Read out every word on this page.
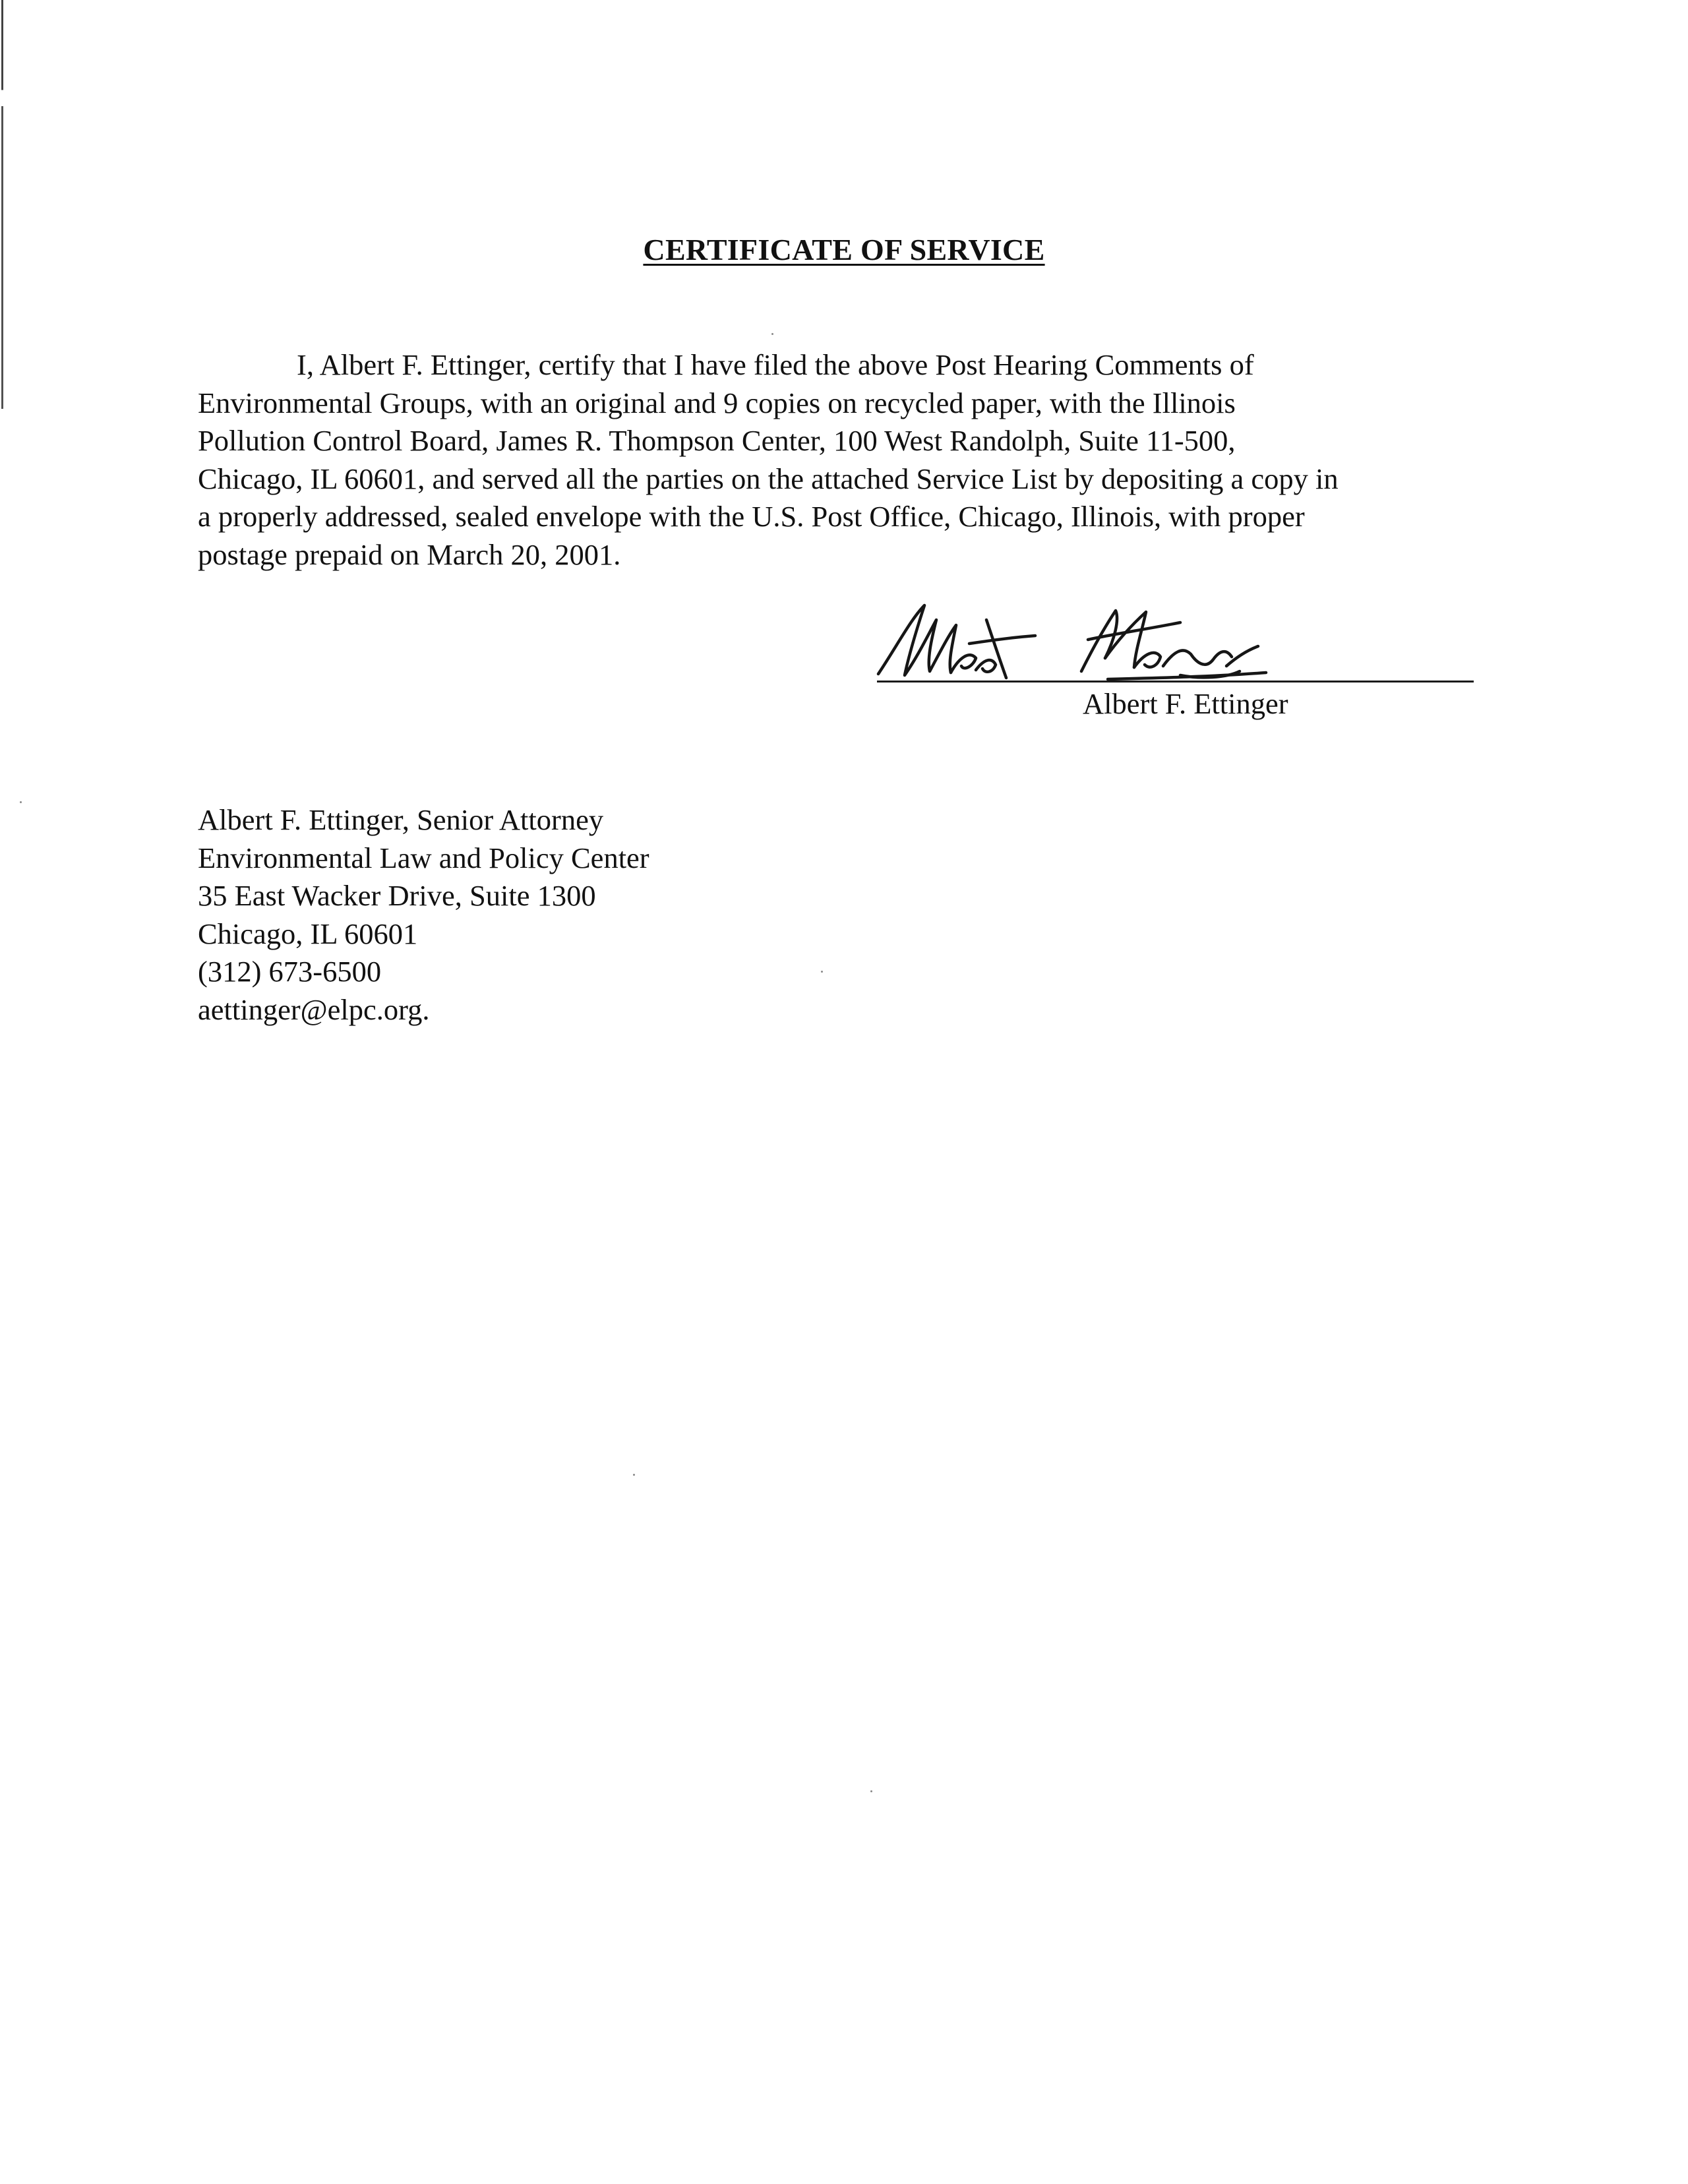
CERTIFICATE OF SERVICE
I, Albert F. Ettinger, certify that I have filed the above Post Hearing Comments of
Environmental Groups, with an original and 9 copies on recycled paper, with the Illinois
Pollution Control Board, James R. Thompson Center, 100 West Randolph, Suite 11-500,
Chicago, IL 60601, and served all the parties on the attached Service List by depositing a copy in
a properly addressed, sealed envelope with the U.S. Post Office, Chicago, Illinois, with proper
postage prepaid on March 20, 2001.
Albert F. Ettinger
Albert F. Ettinger, Senior Attorney
Environmental Law and Policy Center
35 East Wacker Drive, Suite 1300
Chicago, IL 60601
(312) 673-6500
aettinger@elpc.org.
